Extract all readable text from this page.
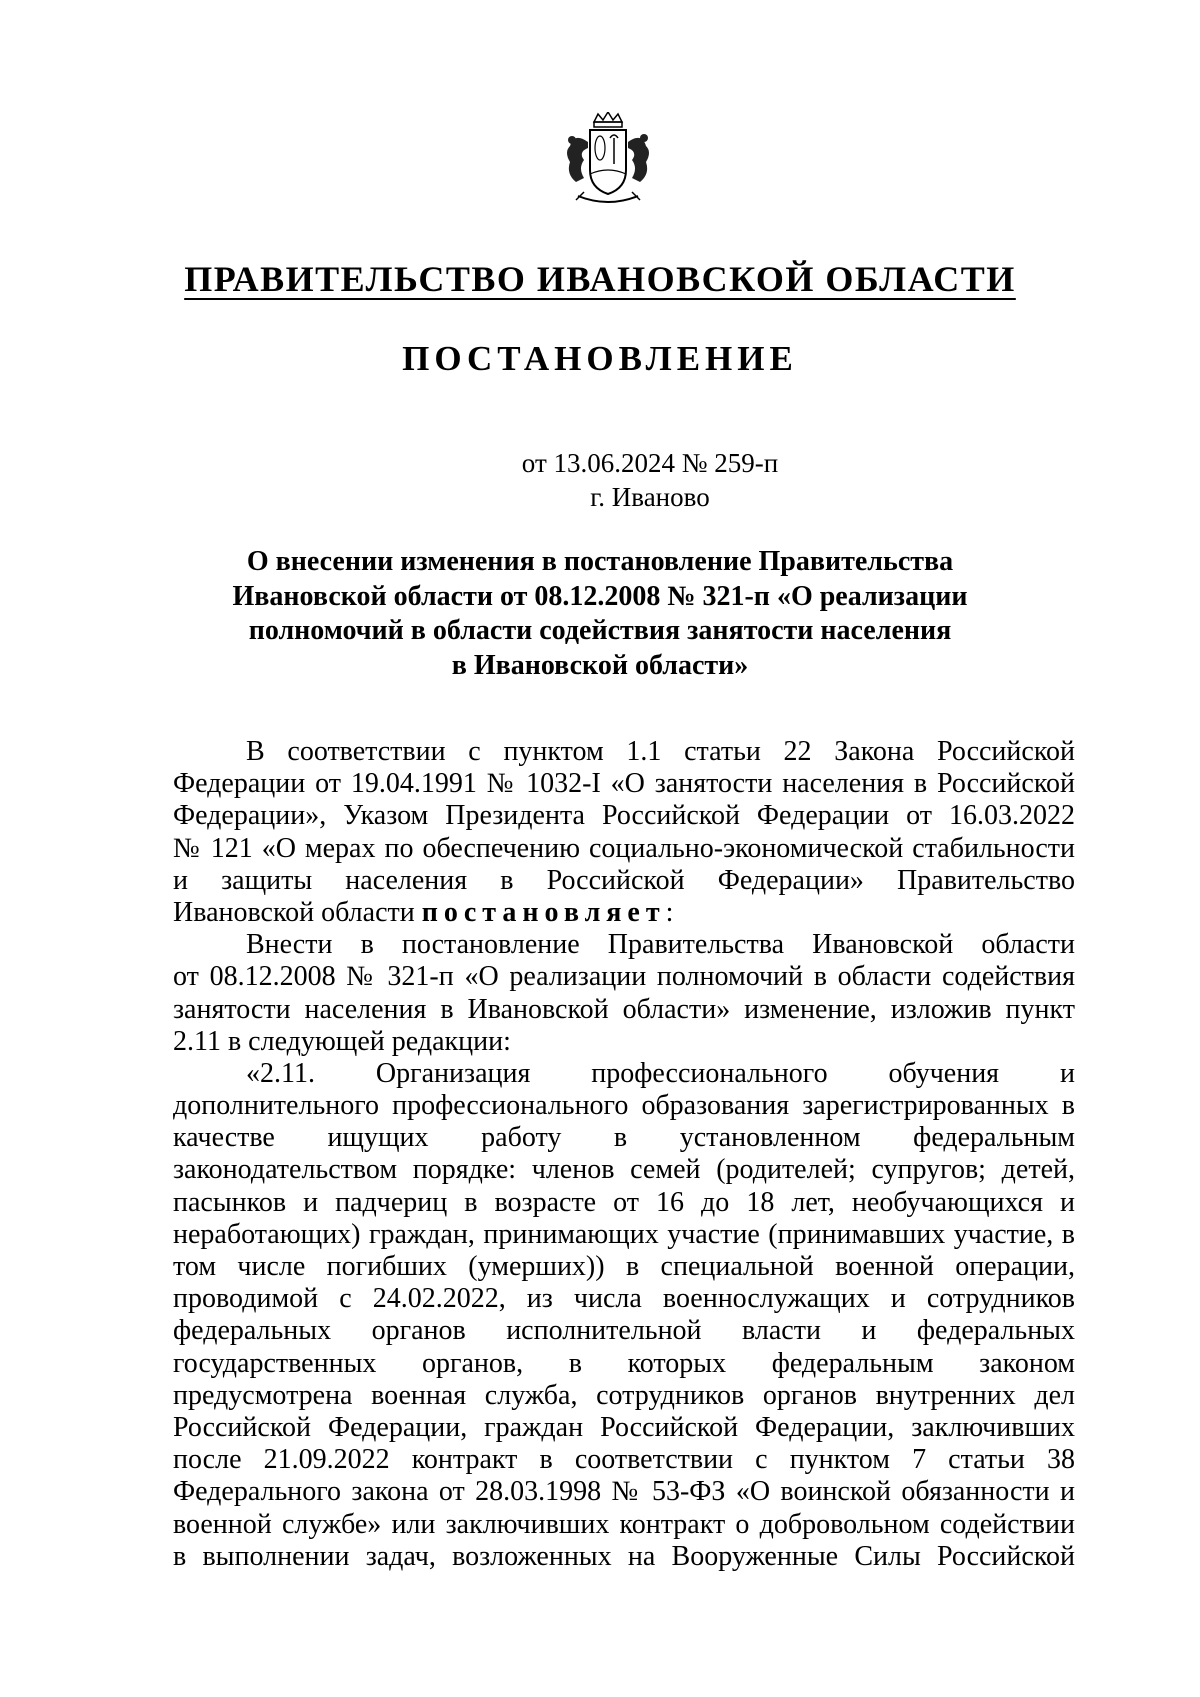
ПРАВИТЕЛЬСТВО ИВАНОВСКОЙ ОБЛАСТИ
ПОСТАНОВЛЕНИЕ
от 13.06.2024 № 259-п
г. Иваново
О внесении изменения в постановление Правительства
Ивановской области от 08.12.2008 № 321-п «О реализации
полномочий в области содействия занятости населения
в Ивановской области»
В соответствии с пунктом 1.1 статьи 22 Закона Российской
Федерации от 19.04.1991 № 1032-I «О занятости населения в Российской
Федерации», Указом Президента Российской Федерации от 16.03.2022
№ 121 «О мерах по обеспечению социально-экономической стабильности
и защиты населения в Российской Федерации» Правительство
Ивановской области постановляет:
Внести в постановление Правительства Ивановской области
от 08.12.2008 № 321-п «О реализации полномочий в области содействия
занятости населения в Ивановской области» изменение, изложив пункт
2.11 в следующей редакции:
«2.11. Организация профессионального обучения и
дополнительного профессионального образования зарегистрированных в
качестве ищущих работу в установленном федеральным
законодательством порядке: членов семей (родителей; супругов; детей,
пасынков и падчериц в возрасте от 16 до 18 лет, необучающихся и
неработающих) граждан, принимающих участие (принимавших участие, в
том числе погибших (умерших)) в специальной военной операции,
проводимой с 24.02.2022, из числа военнослужащих и сотрудников
федеральных органов исполнительной власти и федеральных
государственных органов, в которых федеральным законом
предусмотрена военная служба, сотрудников органов внутренних дел
Российской Федерации, граждан Российской Федерации, заключивших
после 21.09.2022 контракт в соответствии с пунктом 7 статьи 38
Федерального закона от 28.03.1998 № 53-ФЗ «О воинской обязанности и
военной службе» или заключивших контракт о добровольном содействии
в выполнении задач, возложенных на Вооруженные Силы Российской
